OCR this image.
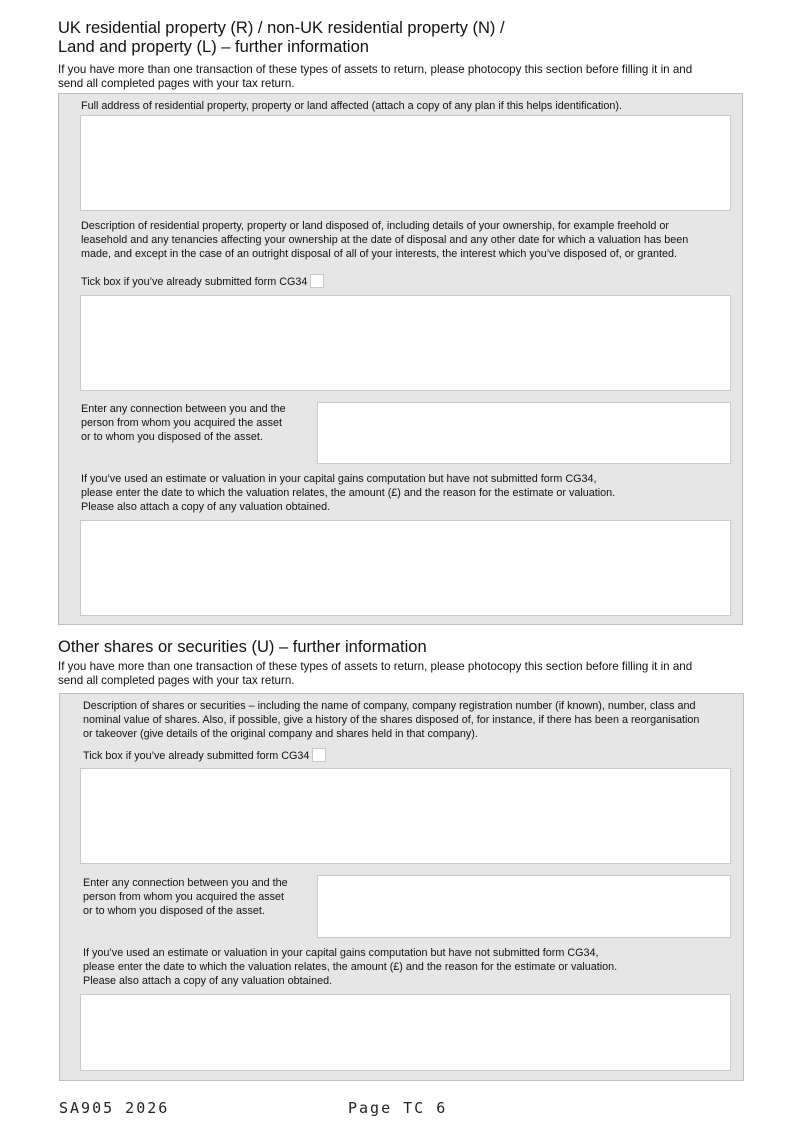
UK residential property (R) / non-UK residential property (N) /
Land and property (L) – further information
If you have more than one transaction of these types of assets to return, please photocopy this section before filling it in and
send all completed pages with your tax return.
Full address of residential property, property or land affected (attach a copy of any plan if this helps identification).
Description of residential property, property or land disposed of, including details of your ownership, for example freehold or
leasehold and any tenancies affecting your ownership at the date of disposal and any other date for which a valuation has been
made, and except in the case of an outright disposal of all of your interests, the interest which you’ve disposed of, or granted.
Tick box if you’ve already submitted form CG34
Enter any connection between you and the
person from whom you acquired the asset
or to whom you disposed of the asset.
If you’ve used an estimate or valuation in your capital gains computation but have not submitted form CG34,
please enter the date to which the valuation relates, the amount (£) and the reason for the estimate or valuation.
Please also attach a copy of any valuation obtained.
Other shares or securities (U) – further information
If you have more than one transaction of these types of assets to return, please photocopy this section before filling it in and
send all completed pages with your tax return.
Description of shares or securities – including the name of company, company registration number (if known), number, class and
nominal value of shares. Also, if possible, give a history of the shares disposed of, for instance, if there has been a reorganisation
or takeover (give details of the original company and shares held in that company).
Tick box if you’ve already submitted form CG34
Enter any connection between you and the
person from whom you acquired the asset
or to whom you disposed of the asset.
If you’ve used an estimate or valuation in your capital gains computation but have not submitted form CG34,
please enter the date to which the valuation relates, the amount (£) and the reason for the estimate or valuation.
Please also attach a copy of any valuation obtained.
SA905 2026	Page TC 6
